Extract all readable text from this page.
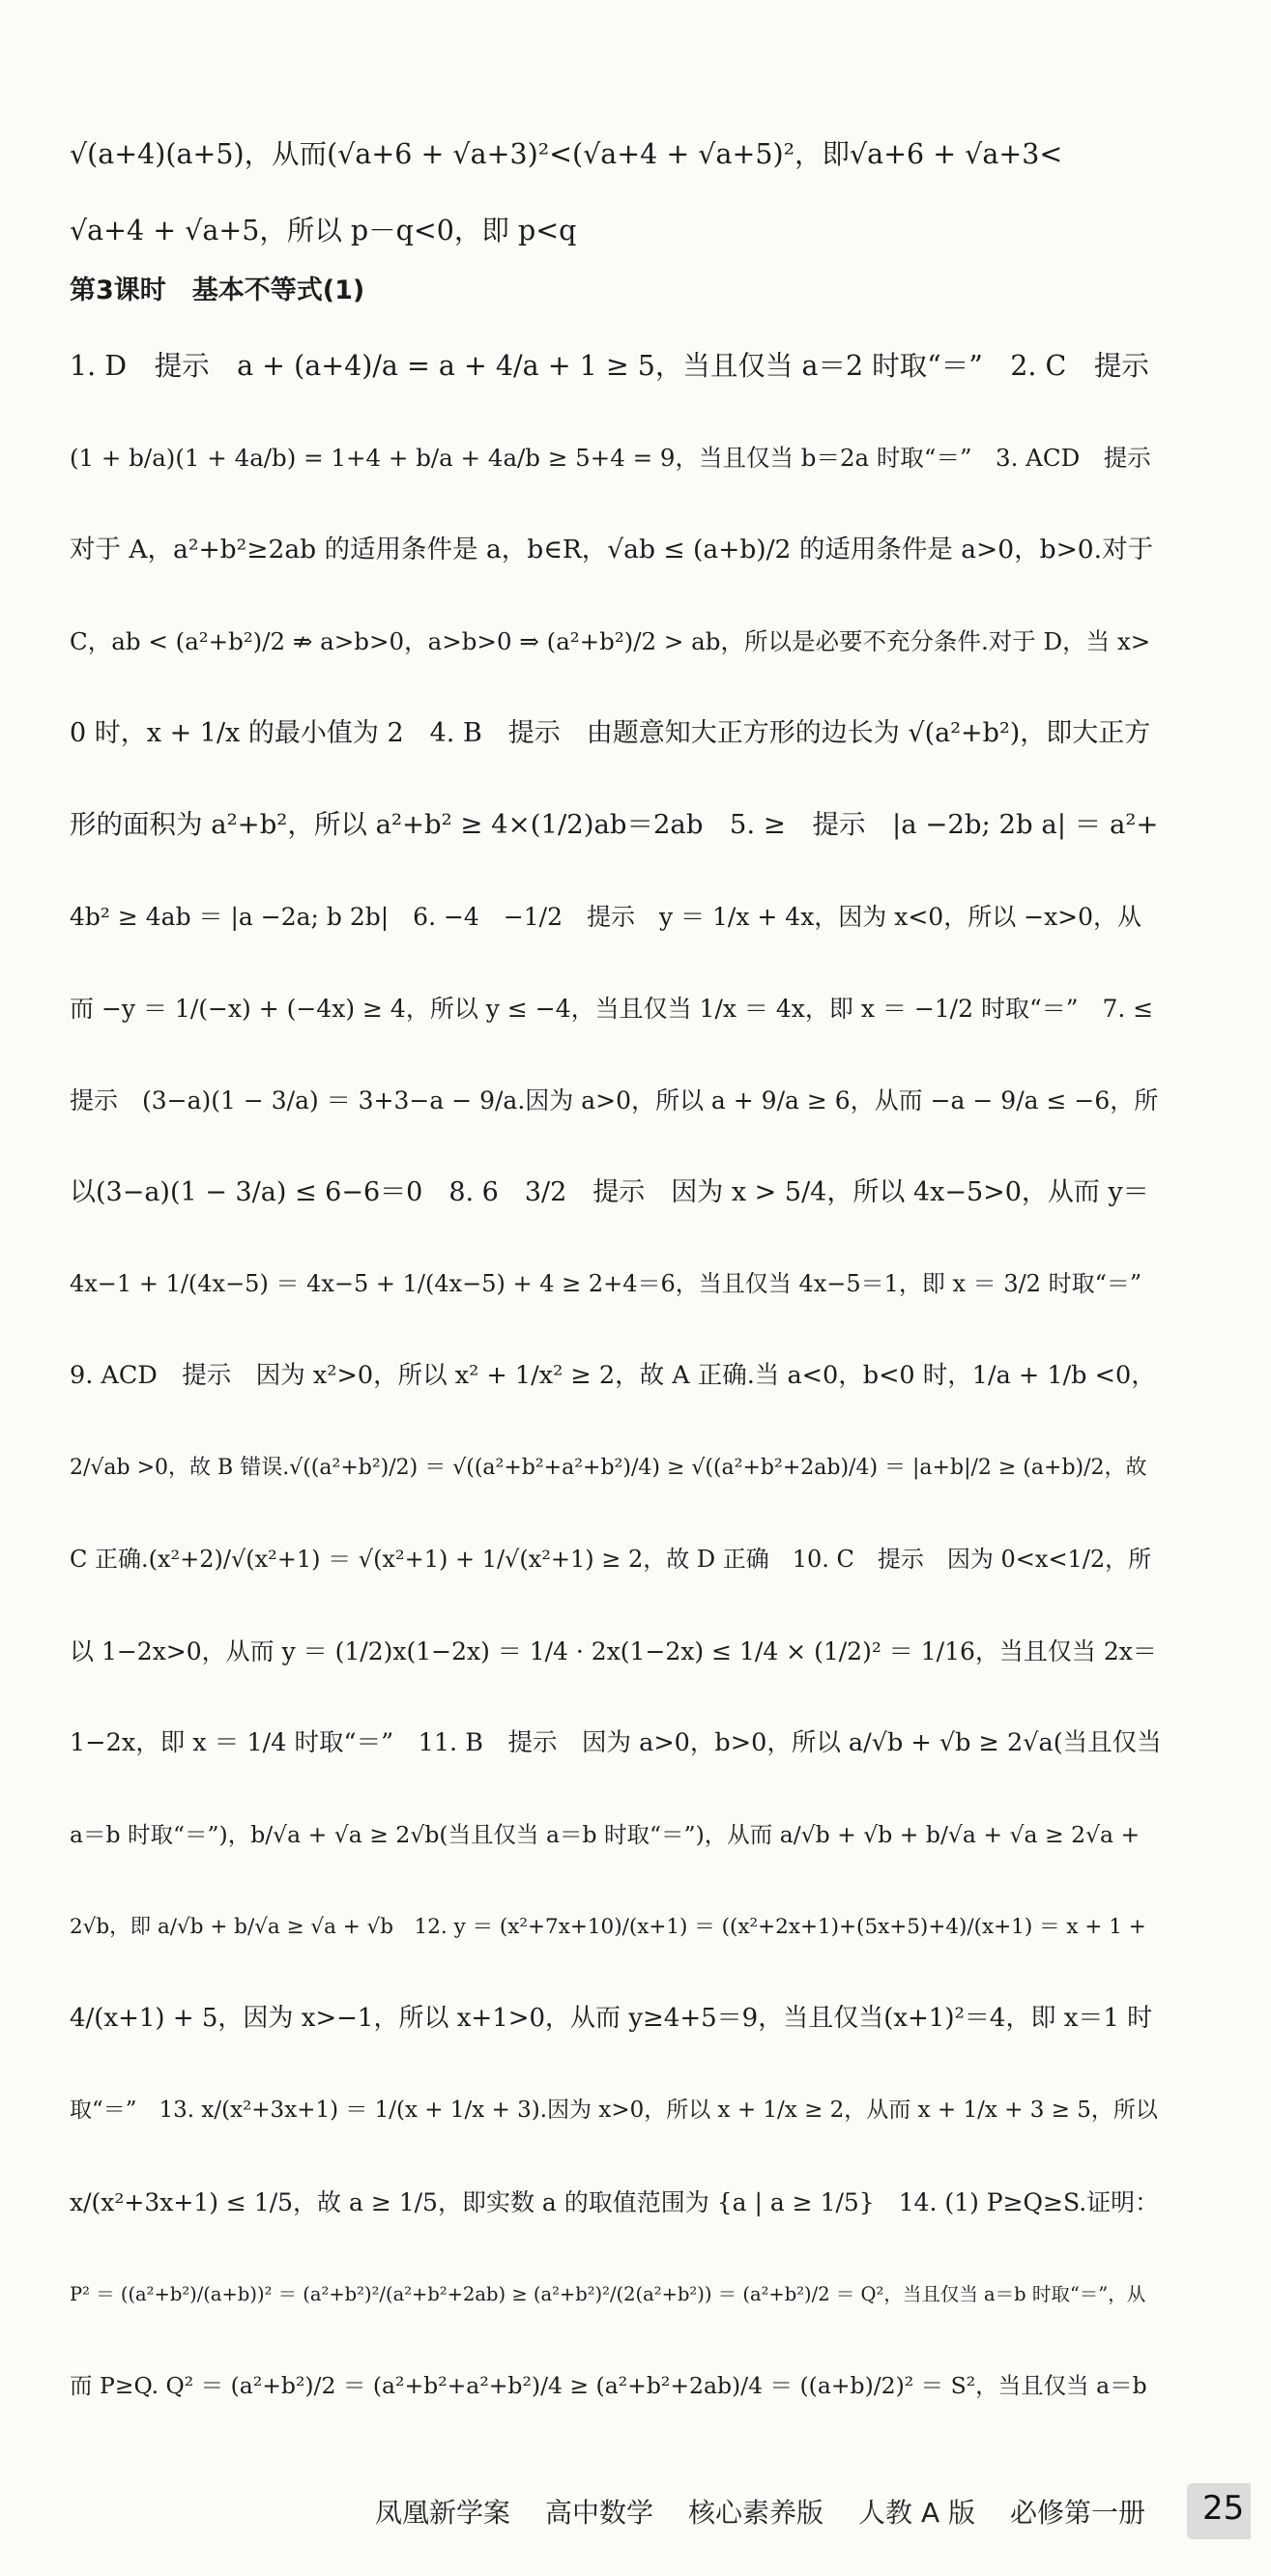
√(a+4)(a+5)，从而(√a+6 + √a+3)²<(√a+4 + √a+5)²，即√a+6 + √a+3<
√a+4 + √a+5，所以 p－q<0，即 p<q
第3课时　基本不等式(1)
1. D　提示　a + (a+4)/a = a + 4/a + 1 ≥ 5，当且仅当 a＝2 时取“＝”　2. C　提示
(1 + b/a)(1 + 4a/b) = 1+4 + b/a + 4a/b ≥ 5+4 = 9，当且仅当 b＝2a 时取“＝”　3. ACD　提示
对于 A，a²+b²≥2ab 的适用条件是 a，b∈R，√ab ≤ (a+b)/2 的适用条件是 a>0，b>0.对于
C，ab < (a²+b²)/2 ⇏ a>b>0，a>b>0 ⇒ (a²+b²)/2 > ab，所以是必要不充分条件.对于 D，当 x>
0 时，x + 1/x 的最小值为 2　4. B　提示　由题意知大正方形的边长为 √(a²+b²)，即大正方
形的面积为 a²+b²，所以 a²+b² ≥ 4×(1/2)ab＝2ab　5. ≥　提示　|a −2b; 2b a| ＝ a²+
4b² ≥ 4ab ＝ |a −2a; b 2b|　6. −4　−1/2　提示　y ＝ 1/x + 4x，因为 x<0，所以 −x>0，从
而 −y ＝ 1/(−x) + (−4x) ≥ 4，所以 y ≤ −4，当且仅当 1/x ＝ 4x，即 x ＝ −1/2 时取“＝”　7. ≤
提示　(3−a)(1 − 3/a) ＝ 3+3−a − 9/a.因为 a>0，所以 a + 9/a ≥ 6，从而 −a − 9/a ≤ −6，所
以(3−a)(1 − 3/a) ≤ 6−6＝0　8. 6　3/2　提示　因为 x > 5/4，所以 4x−5>0，从而 y＝
4x−1 + 1/(4x−5) ＝ 4x−5 + 1/(4x−5) + 4 ≥ 2+4＝6，当且仅当 4x−5＝1，即 x ＝ 3/2 时取“＝”
9. ACD　提示　因为 x²>0，所以 x² + 1/x² ≥ 2，故 A 正确.当 a<0，b<0 时，1/a + 1/b <0，
2/√ab >0，故 B 错误.√((a²+b²)/2) ＝ √((a²+b²+a²+b²)/4) ≥ √((a²+b²+2ab)/4) ＝ |a+b|/2 ≥ (a+b)/2，故
C 正确.(x²+2)/√(x²+1) ＝ √(x²+1) + 1/√(x²+1) ≥ 2，故 D 正确　10. C　提示　因为 0<x<1/2，所
以 1−2x>0，从而 y ＝ (1/2)x(1−2x) ＝ 1/4 · 2x(1−2x) ≤ 1/4 × (1/2)² ＝ 1/16，当且仅当 2x＝
1−2x，即 x ＝ 1/4 时取“＝”　11. B　提示　因为 a>0，b>0，所以 a/√b + √b ≥ 2√a(当且仅当
a＝b 时取“＝”)，b/√a + √a ≥ 2√b(当且仅当 a＝b 时取“＝”)，从而 a/√b + √b + b/√a + √a ≥ 2√a +
2√b，即 a/√b + b/√a ≥ √a + √b　12. y ＝ (x²+7x+10)/(x+1) ＝ ((x²+2x+1)+(5x+5)+4)/(x+1) ＝ x + 1 +
4/(x+1) + 5，因为 x>−1，所以 x+1>0，从而 y≥4+5＝9，当且仅当(x+1)²＝4，即 x＝1 时
取“＝”　13. x/(x²+3x+1) ＝ 1/(x + 1/x + 3).因为 x>0，所以 x + 1/x ≥ 2，从而 x + 1/x + 3 ≥ 5，所以
x/(x²+3x+1) ≤ 1/5，故 a ≥ 1/5，即实数 a 的取值范围为 {a | a ≥ 1/5}　14. (1) P≥Q≥S.证明：
P² ＝ ((a²+b²)/(a+b))² ＝ (a²+b²)²/(a²+b²+2ab) ≥ (a²+b²)²/(2(a²+b²)) ＝ (a²+b²)/2 ＝ Q²，当且仅当 a＝b 时取“＝”，从
而 P≥Q. Q² ＝ (a²+b²)/2 ＝ (a²+b²+a²+b²)/4 ≥ (a²+b²+2ab)/4 ＝ ((a+b)/2)² ＝ S²，当且仅当 a＝b
凤凰新学案 高中数学 核心素养版 人教 A 版 必修第一册 25
